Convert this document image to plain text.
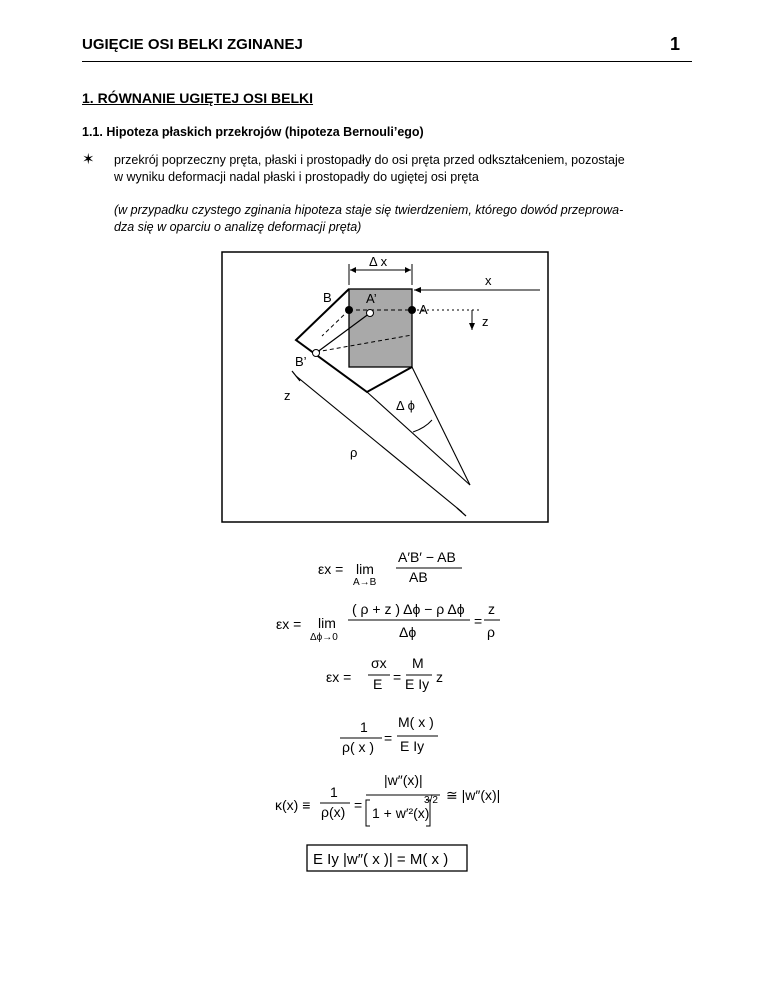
UGIĘCIE OSI BELKI ZGINANEJ	1
1. RÓWNANIE UGIĘTEJ OSI BELKI
1.1. Hipoteza płaskich przekrojów (hipoteza Bernouli’ego)
✶ przekrój poprzeczny pręta, płaski i prostopadły do osi pręta przed odkształceniem, pozostaje
w wyniku deformacji nadal płaski i prostopadły do ugiętej osi pręta
(w przypadku czystego zginania hipoteza staje się twierdzeniem, którego dowód przeprowa-
dza się w oparciu o analizę deformacji pręta)
Δ x
x
B	A’
A
z
B’
z
Δ ϕ
ρ
εx = lim
A→B
A′B′ − AB
AB
εx = lim
Δϕ→0
( ρ + z ) Δϕ − ρ Δϕ
Δϕ
=
z
ρ
εx =
σx
E =
M
E Iy z
1
ρ( x )
=
M( x )
E Iy
κ(x) ≡
1
ρ(x) =
|w″(x)|
1 + w′²(x)
3/2 ≅ |w″(x)|
E Iy |w″( x )| = M( x )
